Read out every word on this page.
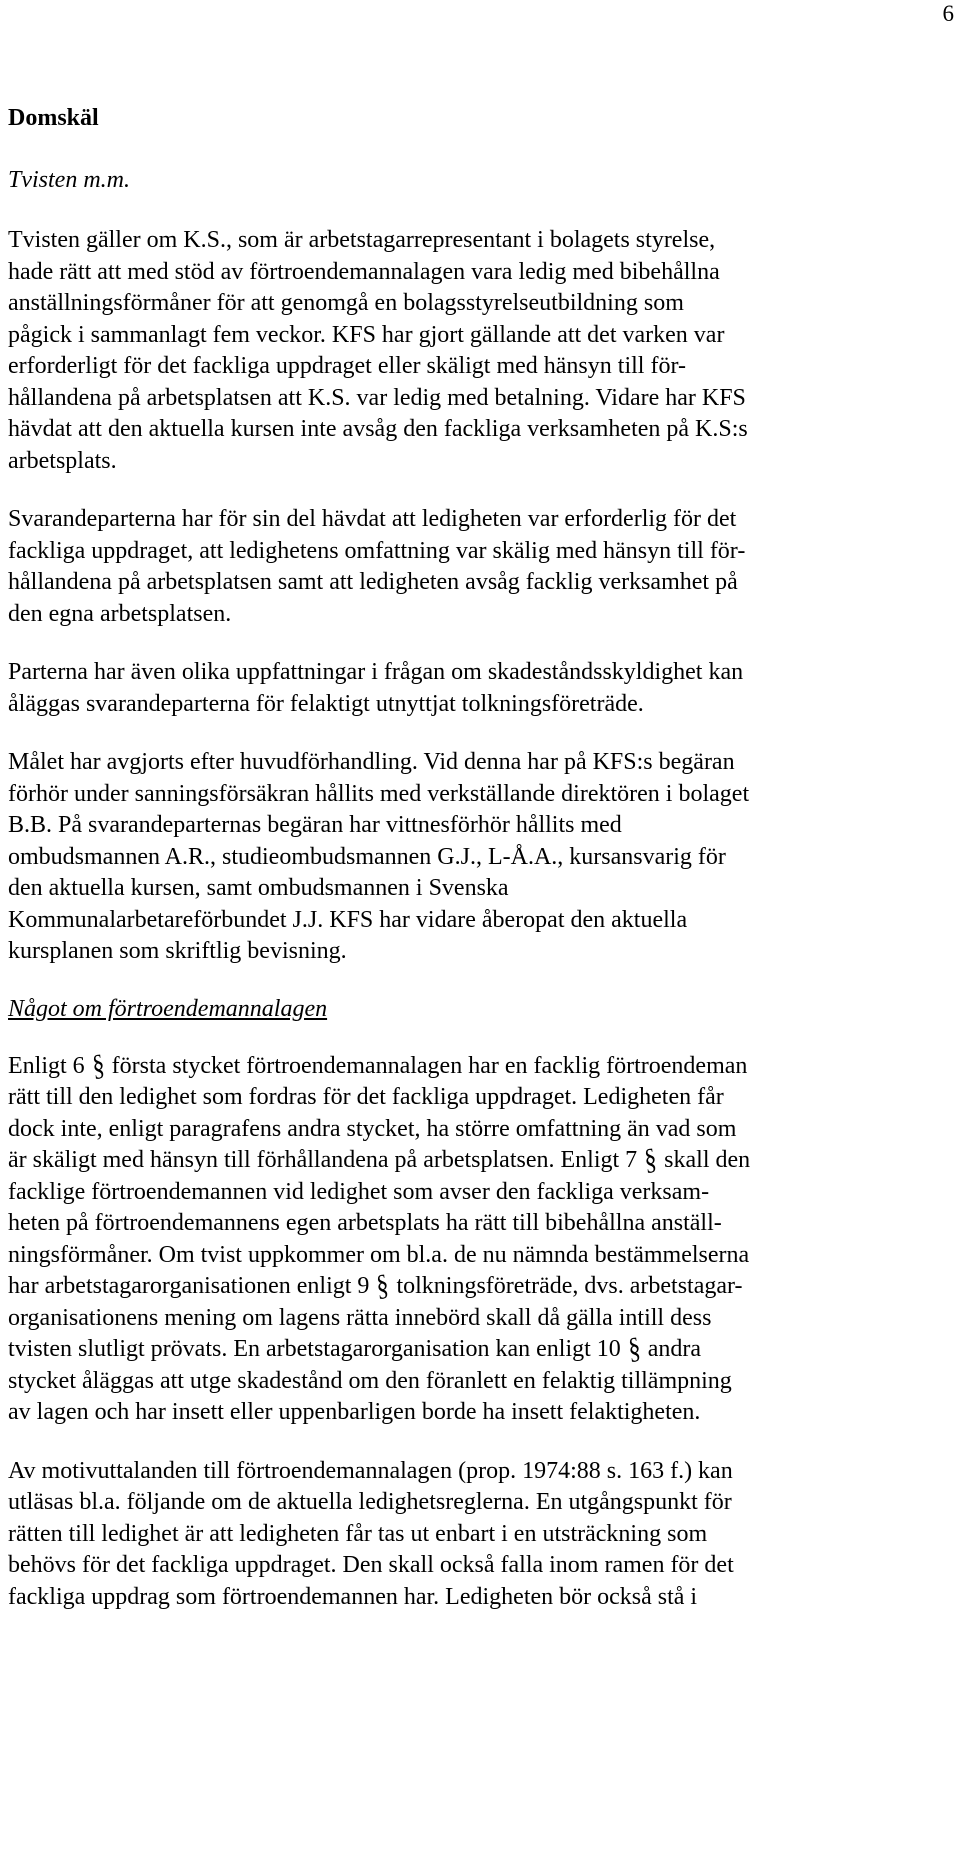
6
Domskäl
Tvisten m.m.

Tvisten gäller om K.S., som är arbetstagarrepresentant i bolagets styrelse,
hade rätt att med stöd av förtroendemannalagen vara ledig med bibehållna
anställningsförmåner för att genomgå en bolagsstyrelseutbildning som
pågick i sammanlagt fem veckor. KFS har gjort gällande att det varken var
erforderligt för det fackliga uppdraget eller skäligt med hänsyn till för-
hållandena på arbetsplatsen att K.S. var ledig med betalning. Vidare har KFS
hävdat att den aktuella kursen inte avsåg den fackliga verksamheten på K.S:s
arbetsplats.

Svarandeparterna har för sin del hävdat att ledigheten var erforderlig för det
fackliga uppdraget, att ledighetens omfattning var skälig med hänsyn till för-
hållandena på arbetsplatsen samt att ledigheten avsåg facklig verksamhet på
den egna arbetsplatsen.

Parterna har även olika uppfattningar i frågan om skadeståndsskyldighet kan
åläggas svarandeparterna för felaktigt utnyttjat tolkningsföreträde.

Målet har avgjorts efter huvudförhandling. Vid denna har på KFS:s begäran
förhör under sanningsförsäkran hållits med verkställande direktören i bolaget
B.B. På svarandeparternas begäran har vittnesförhör hållits med
ombudsmannen A.R., studieombudsmannen G.J., L-Å.A., kursansvarig för
den aktuella kursen, samt ombudsmannen i Svenska
Kommunalarbetareförbundet J.J. KFS har vidare åberopat den aktuella
kursplanen som skriftlig bevisning.

Något om förtroendemannalagen

Enligt 6 § första stycket förtroendemannalagen har en facklig förtroendeman
rätt till den ledighet som fordras för det fackliga uppdraget. Ledigheten får
dock inte, enligt paragrafens andra stycket, ha större omfattning än vad som
är skäligt med hänsyn till förhållandena på arbetsplatsen. Enligt 7 § skall den
facklige förtroendemannen vid ledighet som avser den fackliga verksam-
heten på förtroendemannens egen arbetsplats ha rätt till bibehållna anställ-
ningsförmåner. Om tvist uppkommer om bl.a. de nu nämnda bestämmelserna
har arbetstagarorganisationen enligt 9 § tolkningsföreträde, dvs. arbetstagar-
organisationens mening om lagens rätta innebörd skall då gälla intill dess
tvisten slutligt prövats. En arbetstagarorganisation kan enligt 10 § andra
stycket åläggas att utge skadestånd om den föranlett en felaktig tillämpning
av lagen och har insett eller uppenbarligen borde ha insett felaktigheten.

Av motivuttalanden till förtroendemannalagen (prop. 1974:88 s. 163 f.) kan
utläsas bl.a. följande om de aktuella ledighetsreglerna. En utgångspunkt för
rätten till ledighet är att ledigheten får tas ut enbart i en utsträckning som
behövs för det fackliga uppdraget. Den skall också falla inom ramen för det
fackliga uppdrag som förtroendemannen har. Ledigheten bör också stå i
